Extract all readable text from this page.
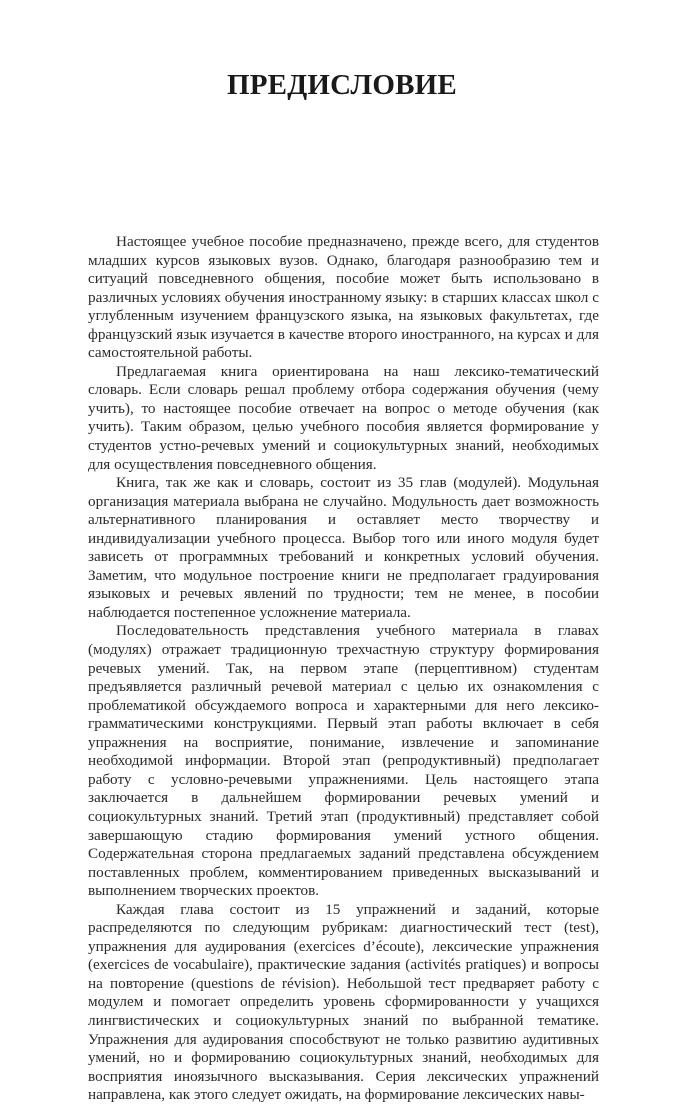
ПРЕДИСЛОВИЕ

Настоящее учебное пособие предназначено, прежде всего, для студентов младших курсов языковых вузов. Однако, благодаря разнообразию тем и ситуаций повседневного общения, пособие может быть использовано в различных условиях обучения иностранному языку: в старших классах школ с углубленным изучением французского языка, на языковых факультетах, где французский язык изучается в качестве второго иностранного, на курсах и для самостоятельной работы.

Предлагаемая книга ориентирована на наш лексико-тематический словарь. Если словарь решал проблему отбора содержания обучения (чему учить), то настоящее пособие отвечает на вопрос о методе обучения (как учить). Таким образом, целью учебного пособия является формирование у студентов устно-речевых умений и социокультурных знаний, необходимых для осуществления повседневного общения.

Книга, так же как и словарь, состоит из 35 глав (модулей). Модульная организация материала выбрана не случайно. Модульность дает возможность альтернативного планирования и оставляет место творчеству и индивидуализации учебного процесса. Выбор того или иного модуля будет зависеть от программных требований и конкретных условий обучения. Заметим, что модульное построение книги не предполагает градуирования языковых и речевых явлений по трудности; тем не менее, в пособии наблюдается постепенное усложнение материала.

Последовательность представления учебного материала в главах (модулях) отражает традиционную трехчастную структуру формирования речевых умений. Так, на первом этапе (перцептивном) студентам предъявляется различный речевой материал с целью их ознакомления с проблематикой обсуждаемого вопроса и характерными для него лексико-грамматическими конструкциями. Первый этап работы включает в себя упражнения на восприятие, понимание, извлечение и запоминание необходимой информации. Второй этап (репродуктивный) предполагает работу с условно-речевыми упражнениями. Цель настоящего этапа заключается в дальнейшем формировании речевых умений и социокультурных знаний. Третий этап (продуктивный) представляет собой завершающую стадию формирования умений устного общения. Содержательная сторона предлагаемых заданий представлена обсуждением поставленных проблем, комментированием приведенных высказываний и выполнением творческих проектов.

Каждая глава состоит из 15 упражнений и заданий, которые распределяются по следующим рубрикам: диагностический тест (test), упражнения для аудирования (exercices d’écoute), лексические упражнения (exercices de vocabulaire), практические задания (activités pratiques) и вопросы на повторение (questions de révision). Небольшой тест предваряет работу с модулем и помогает определить уровень сформированности у учащихся лингвистических и социокультурных знаний по выбранной тематике. Упражнения для аудирования способствуют не только развитию аудитивных умений, но и формированию социокультурных знаний, необходимых для восприятия иноязычного высказывания. Серия лексических упражнений направлена, как этого следует ожидать, на формирование лексических навы-
